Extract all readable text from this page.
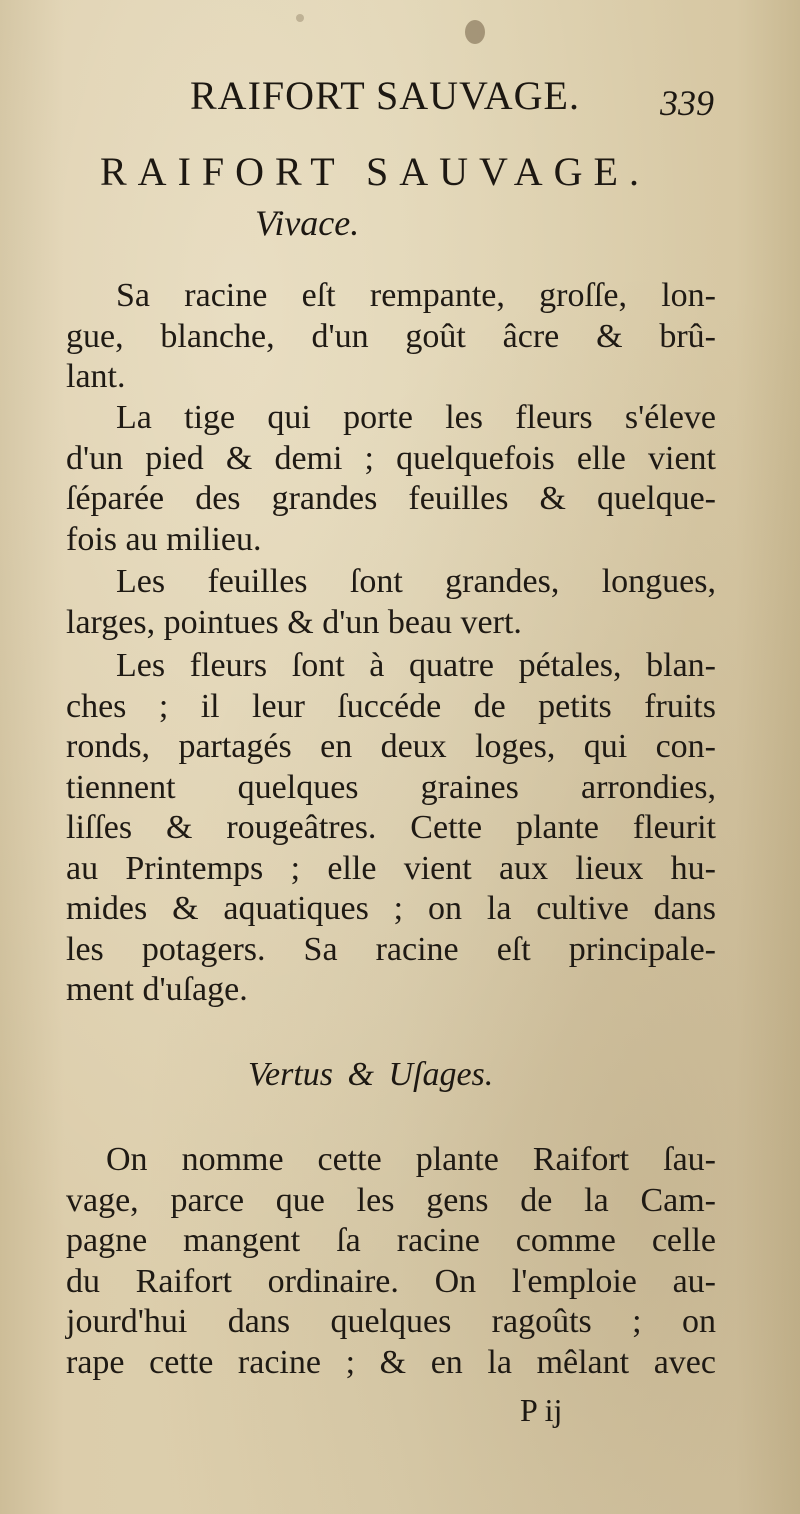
RAIFORT SAUVAGE. 339
RAIFORT SAUVAGE.
Vivace.
Sa racine eſt rempante, groſſe, lon-
gue, blanche, d'un goût âcre & brû-
lant.
La tige qui porte les fleurs s'éleve
d'un pied & demi ; quelquefois elle vient
ſéparée des grandes feuilles & quelque-
fois au milieu.
Les feuilles ſont grandes, longues,
larges, pointues & d'un beau vert.
Les fleurs ſont à quatre pétales, blan-
ches ; il leur ſuccéde de petits fruits
ronds, partagés en deux loges, qui con-
tiennent quelques graines arrondies,
liſſes & rougeâtres. Cette plante fleurit
au Printemps ; elle vient aux lieux hu-
mides & aquatiques ; on la cultive dans
les potagers. Sa racine eſt principale-
ment d'uſage.
Vertus & Uſages.
On nomme cette plante Raifort ſau-
vage, parce que les gens de la Cam-
pagne mangent ſa racine comme celle
du Raifort ordinaire. On l'emploie au-
jourd'hui dans quelques ragoûts ; on
rape cette racine ; & en la mêlant avec
P ij
